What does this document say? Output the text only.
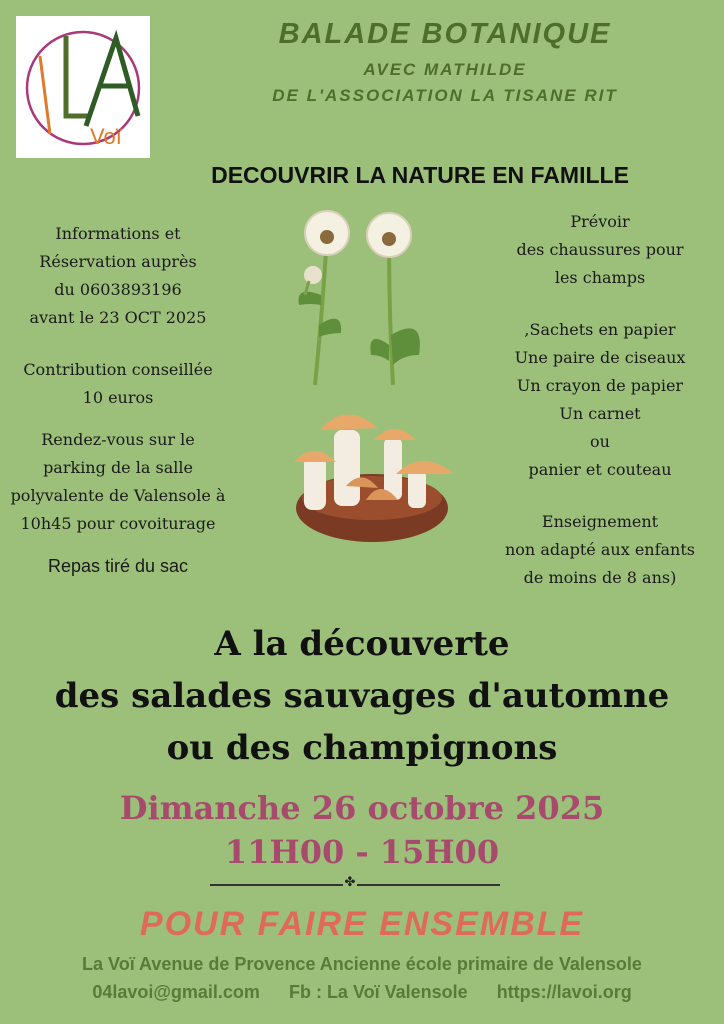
Voï
BALADE BOTANIQUE
AVEC MATHILDE
DE L'ASSOCIATION LA TISANE RIT
DECOUVRIR LA NATURE EN FAMILLE
Informations et
Réservation auprès
du 0603893196
avant le 23 OCT 2025
Contribution conseillée
10 euros
Rendez-vous sur le
parking de la salle
polyvalente de Valensole à
10h45 pour covoiturage
Repas tiré du sac
Prévoir
des chaussures pour
les champs
,Sachets en papier
Une paire de ciseaux
Un crayon de papier
Un carnet
ou
panier et couteau
Enseignement
non adapté aux enfants
de moins de 8 ans)
A la découverte
des salades sauvages d'automne
ou des champignons
Dimanche 26 octobre 2025
11H00 - 15H00
✤
POUR FAIRE ENSEMBLE
La Voï Avenue de Provence Ancienne école primaire de Valensole
04lavoi@gmail.com Fb : La Voï Valensole https://lavoi.org
